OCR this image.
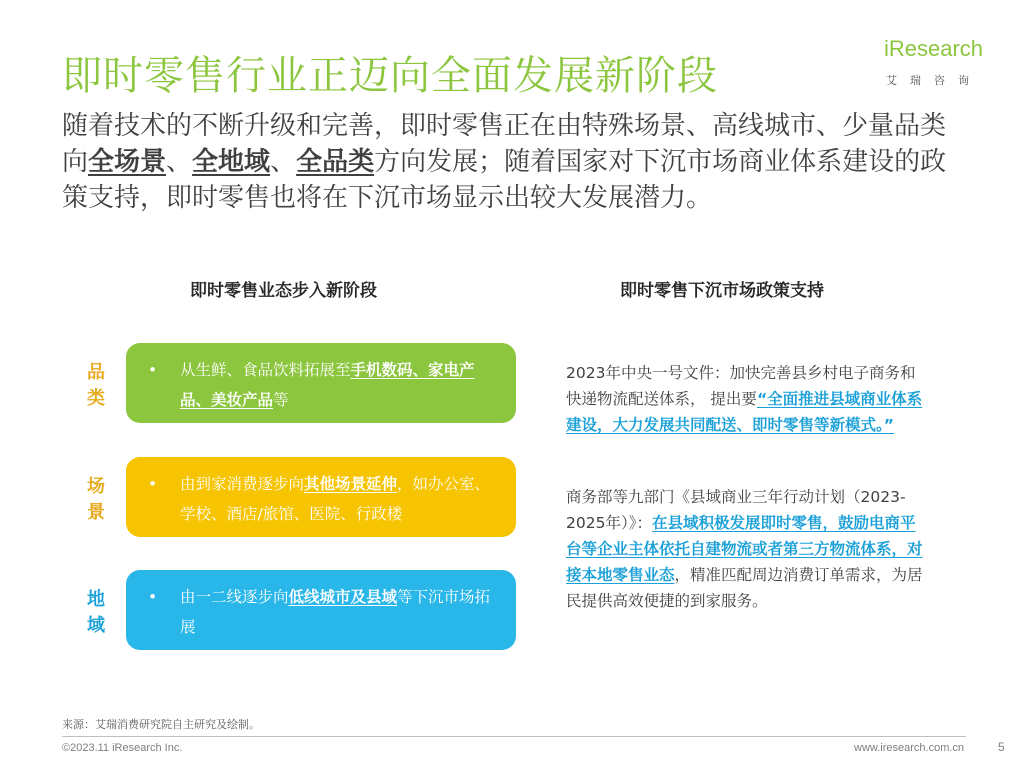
即时零售行业正迈向全面发展新阶段
iResearch
艾瑞咨询
随着技术的不断升级和完善，即时零售正在由特殊场景、高线城市、少量品类向全场景、全地域、全品类方向发展；随着国家对下沉市场商业体系建设的政策支持，即时零售也将在下沉市场显示出较大发展潜力。
即时零售业态步入新阶段	即时零售下沉市场政策支持
品类
•	从生鲜、食品饮料拓展至手机数码、家电产品、美妆产品等
场景
•	由到家消费逐步向其他场景延伸，如办公室、学校、酒店/旅馆、医院、行政楼
地域
•	由一二线逐步向低线城市及县域等下沉市场拓展
2023年中央一号文件：加快完善县乡村电子商务和快递物流配送体系， 提出要“全面推进县域商业体系建设，大力发展共同配送、即时零售等新模式。”
商务部等九部门《县域商业三年行动计划（2023-2025年）》：在县域积极发展即时零售，鼓励电商平台等企业主体依托自建物流或者第三方物流体系，对接本地零售业态，精准匹配周边消费订单需求，为居民提供高效便捷的到家服务。
来源：艾瑞消费研究院自主研究及绘制。
©2023.11 iResearch Inc.	www.iresearch.com.cn	5
